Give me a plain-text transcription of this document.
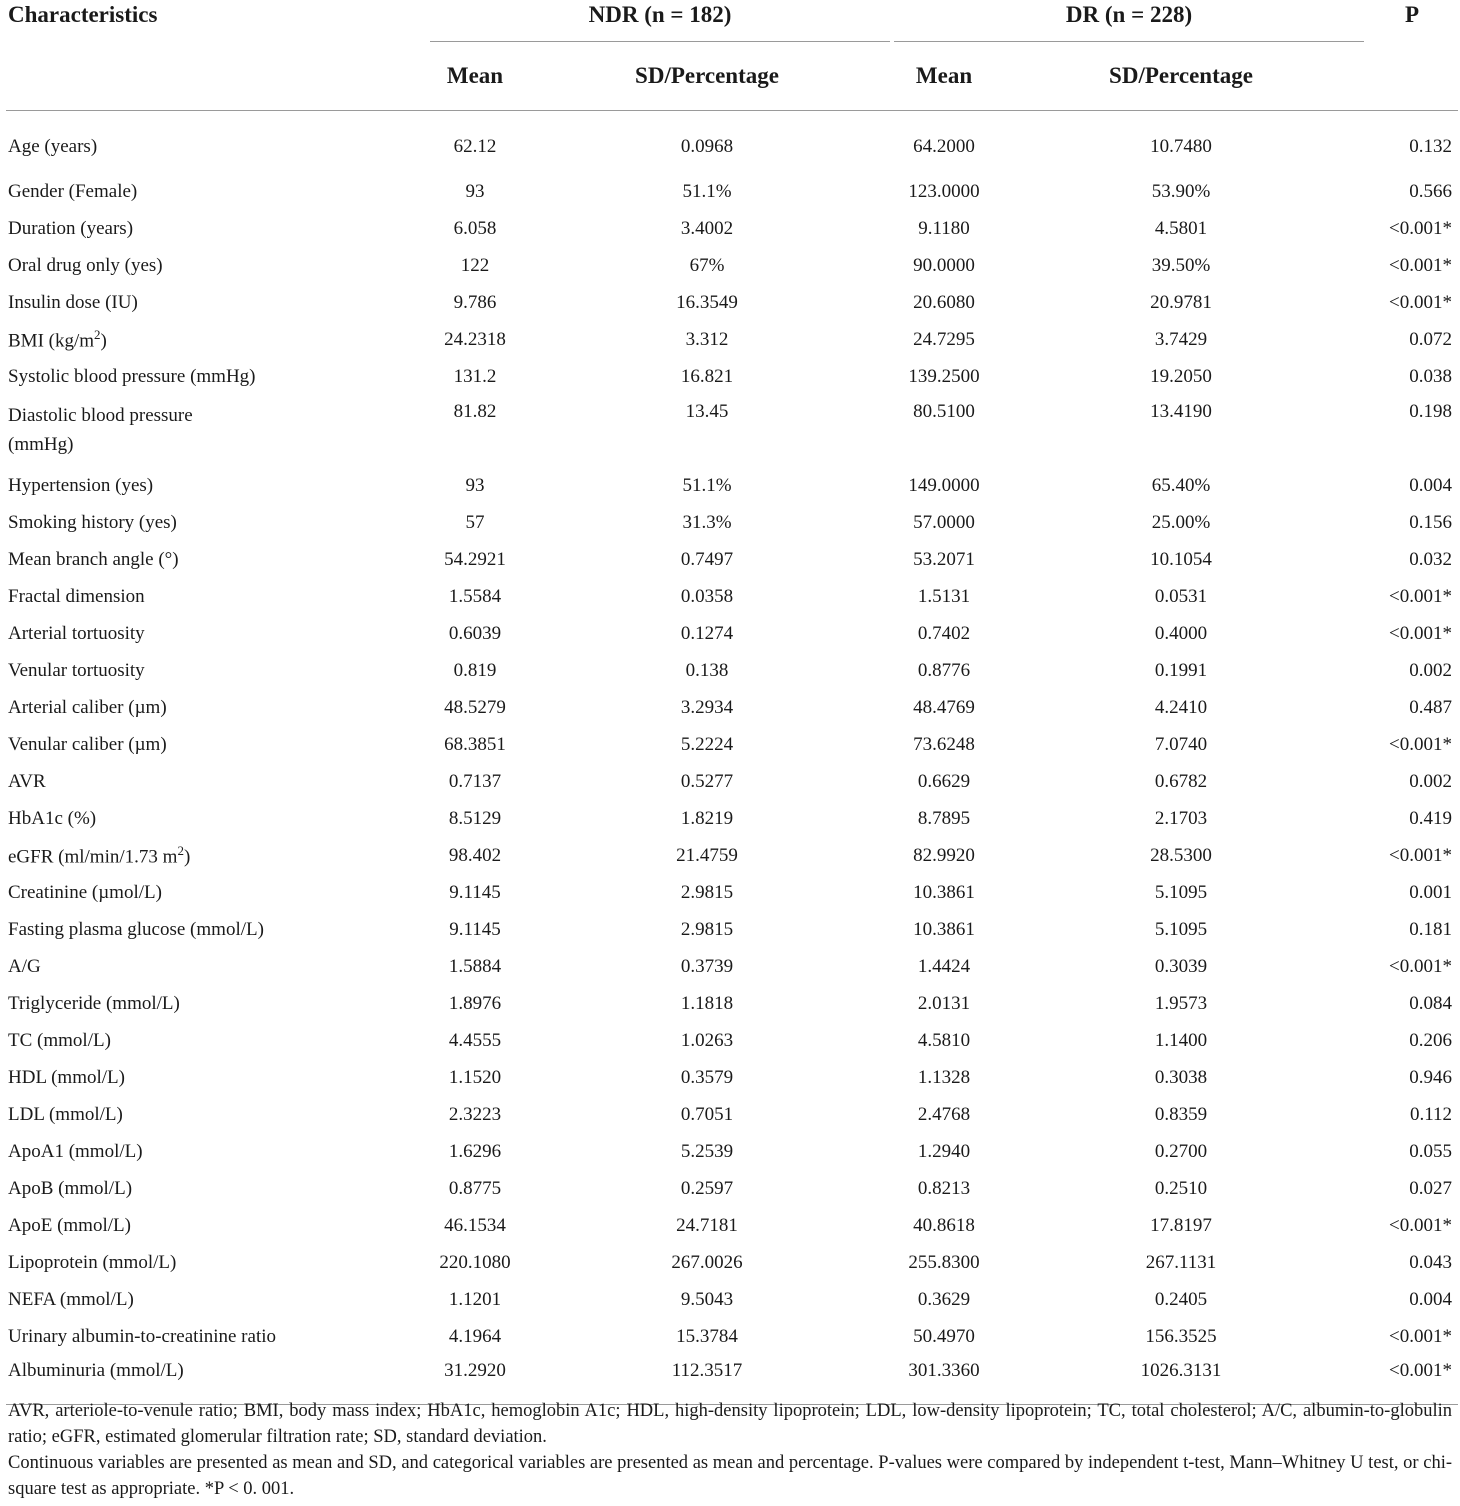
Characteristics	NDR (n = 182)		DR (n = 228)		P
	Mean	SD/Percentage	Mean	SD/Percentage	
Age (years)	62.12	0.0968	64.2000	10.7480	0.132
Gender (Female)	93	51.1%	123.0000	53.90%	0.566
Duration (years)	6.058	3.4002	9.1180	4.5801	<0.001*
Oral drug only (yes)	122	67%	90.0000	39.50%	<0.001*
Insulin dose (IU)	9.786	16.3549	20.6080	20.9781	<0.001*
BMI $(kg/m^2)$	24.2318	3.312	24.7295	3.7429	0.072
Systolic blood pressure (mmHg)	131.2	16.821	139.2500	19.2050	0.038
Diastolic blood pressure (mmHg)	81.82	13.45	80.5100	13.4190	0.198
Hypertension (yes)	93	51.1%	149.0000	65.40%	0.004
Smoking history (yes)	57	31.3%	57.0000	25.00%	0.156
Mean branch angle (°)	54.2921	0.7497	53.2071	10.1054	0.032
Fractal dimension	1.5584	0.0358	1.5131	0.0531	<0.001*
Arterial tortuosity	0.6039	0.1274	0.7402	0.4000	<0.001*
Venular tortuosity	0.819	0.138	0.8776	0.1991	0.002
Arterial caliber (µm)	48.5279	3.2934	48.4769	4.2410	0.487
Venular caliber (µm)	68.3851	5.2224	73.6248	7.0740	<0.001*
AVR	0.7137	0.5277	0.6629	0.6782	0.002
HbA1c (%)	8.5129	1.8219	8.7895	2.1703	0.419
eGFR (ml/min/1.73 $m^2$)	98.402	21.4759	82.9920	28.5300	<0.001*
Creatinine (µmol/L)	9.1145	2.9815	10.3861	5.1095	0.001
Fasting plasma glucose (mmol/L)	9.1145	2.9815	10.3861	5.1095	0.181
A/G	1.5884	0.3739	1.4424	0.3039	<0.001*
Triglyceride (mmol/L)	1.8976	1.1818	2.0131	1.9573	0.084
TC (mmol/L)	4.4555	1.0263	4.5810	1.1400	0.206
HDL (mmol/L)	1.1520	0.3579	1.1328	0.3038	0.946
LDL (mmol/L)	2.3223	0.7051	2.4768	0.8359	0.112
ApoA1 (mmol/L)	1.6296	5.2539	1.2940	0.2700	0.055
ApoB (mmol/L)	0.8775	0.2597	0.8213	0.2510	0.027
ApoE (mmol/L)	46.1534	24.7181	40.8618	17.8197	<0.001*
Lipoprotein (mmol/L)	220.1080	267.0026	255.8300	267.1131	0.043
NEFA (mmol/L)	1.1201	9.5043	0.3629	0.2405	0.004
Urinary albumin-to-creatinine ratio	4.1964	15.3784	50.4970	156.3525	<0.001*
Albuminuria (mmol/L)	31.2920	112.3517	301.3360	1026.3131	<0.001*

AVR, arteriole-to-venule ratio; BMI, body mass index; HbA1c, hemoglobin A1c; HDL, high-density lipoprotein; LDL, low-density lipoprotein; TC, total cholesterol; A/C, albumin-to-globulin ratio; eGFR, estimated glomerular filtration rate; SD, standard deviation.

Continuous variables are presented as mean and SD, and categorical variables are presented as mean and percentage. P-values were compared by independent t-test, Mann–Whitney U test, or chi-square test as appropriate. *P < 0. 001.
